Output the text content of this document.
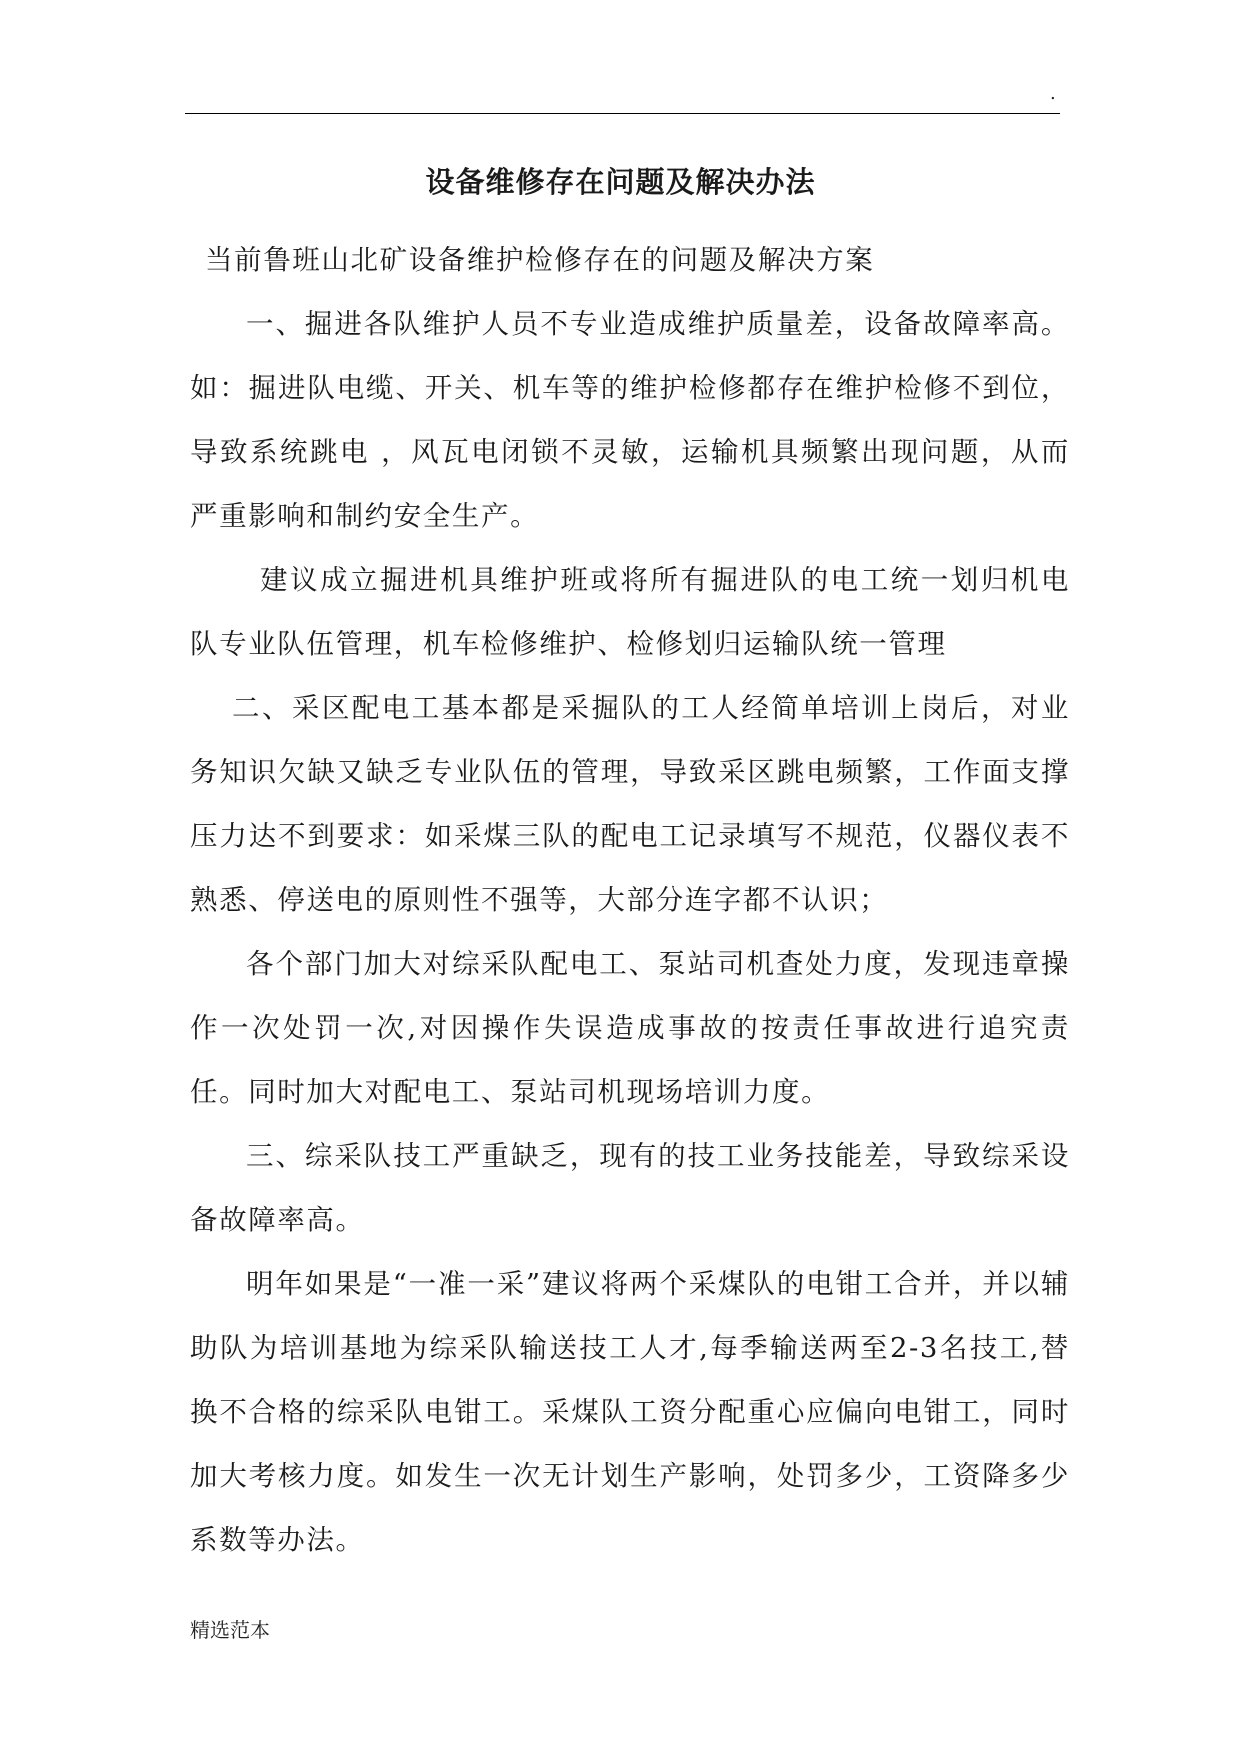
.
设备维修存在问题及解决办法

当前鲁班山北矿设备维护检修存在的问题及解决方案

一、掘进各队维护人员不专业造成维护质量差，设备故障率高。如：掘进队电缆、开关、机车等的维护检修都存在维护检修不到位，导致系统跳电 ，风瓦电闭锁不灵敏，运输机具频繁出现问题，从而严重影响和制约安全生产。

建议成立掘进机具维护班或将所有掘进队的电工统一划归机电队专业队伍管理，机车检修维护、检修划归运输队统一管理

二、采区配电工基本都是采掘队的工人经简单培训上岗后，对业务知识欠缺又缺乏专业队伍的管理，导致采区跳电频繁，工作面支撑压力达不到要求：如采煤三队的配电工记录填写不规范，仪器仪表不熟悉、停送电的原则性不强等，大部分连字都不认识；

各个部门加大对综采队配电工、泵站司机查处力度，发现违章操作一次处罚一次,对因操作失误造成事故的按责任事故进行追究责任。同时加大对配电工、泵站司机现场培训力度。

三、综采队技工严重缺乏，现有的技工业务技能差，导致综采设备故障率高。

明年如果是“一准一采”建议将两个采煤队的电钳工合并，并以辅助队为培训基地为综采队输送技工人才,每季输送两至2-3名技工,替换不合格的综采队电钳工。采煤队工资分配重心应偏向电钳工，同时加大考核力度。如发生一次无计划生产影响，处罚多少，工资降多少系数等办法。

精选范本
